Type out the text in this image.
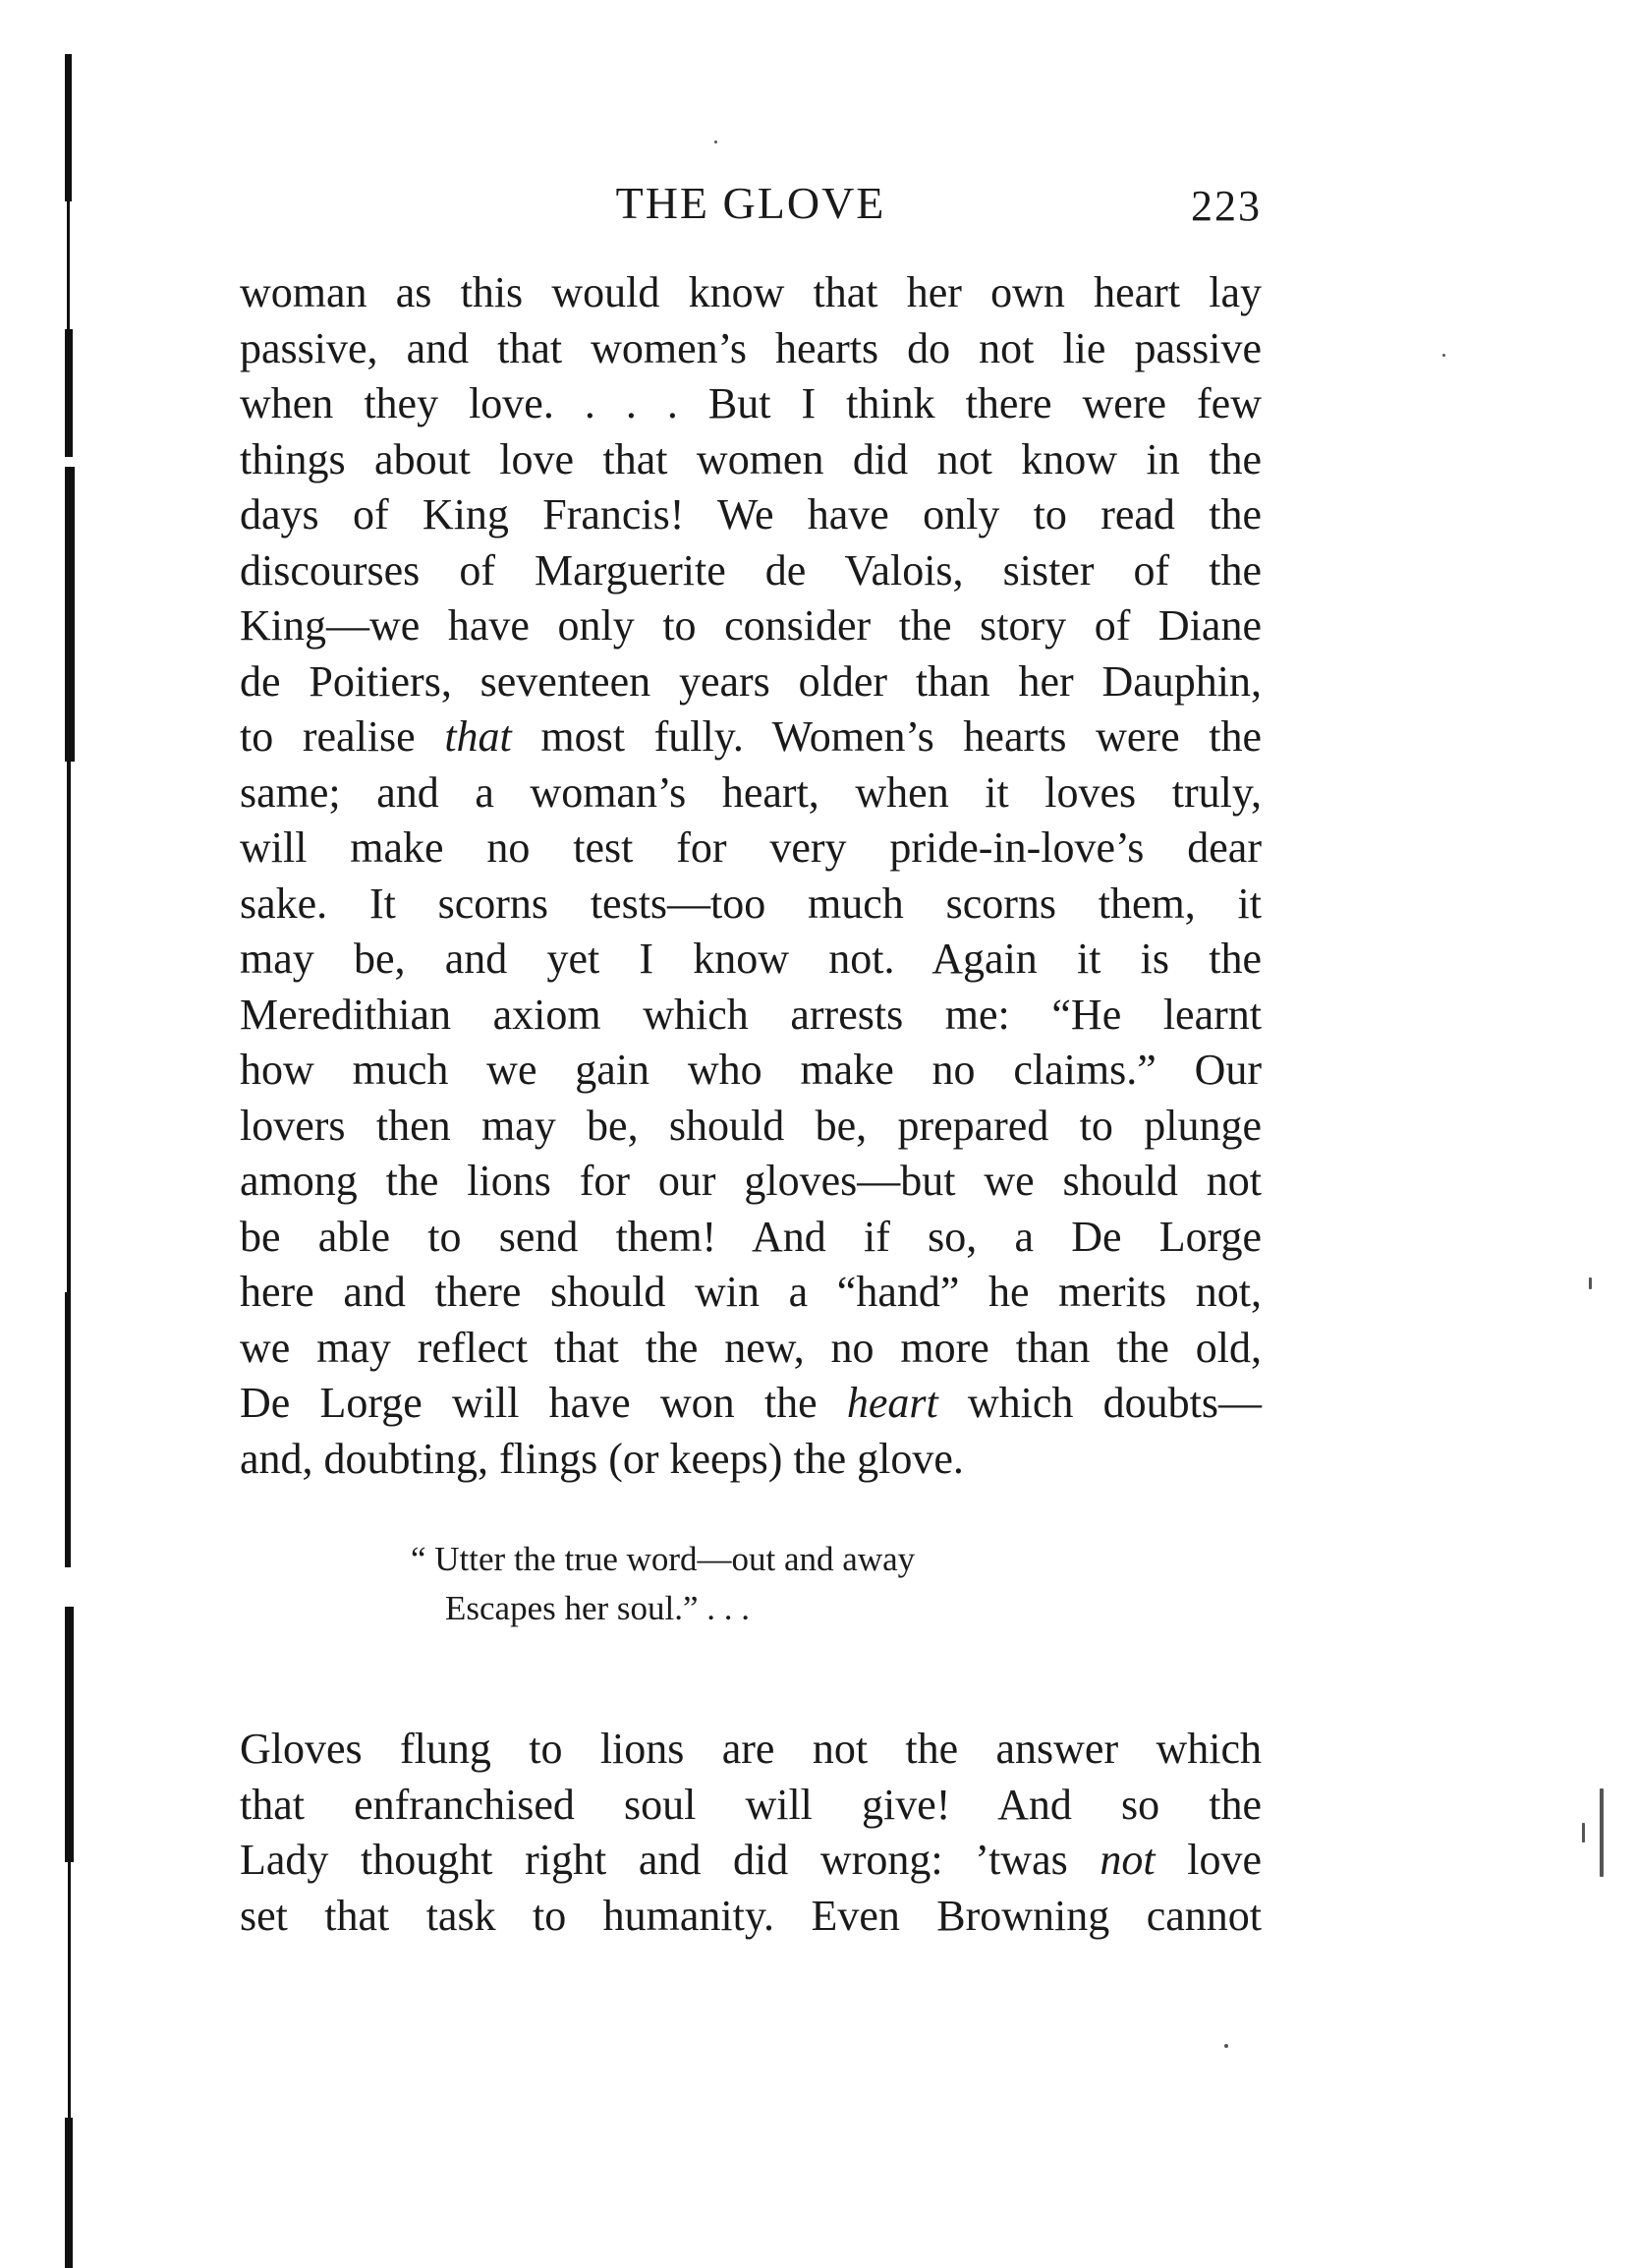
THE GLOVE	223
woman as this would know that her own heart lay
passive, and that women’s hearts do not lie passive
when they love. . . . But I think there were few
things about love that women did not know in the
days of King Francis! We have only to read the
discourses of Marguerite de Valois, sister of the
King—we have only to consider the story of Diane
de Poitiers, seventeen years older than her Dauphin,
to realise that most fully. Women’s hearts were the
same; and a woman’s heart, when it loves truly,
will make no test for very pride-in-love’s dear
sake. It scorns tests—too much scorns them, it
may be, and yet I know not. Again it is the
Meredithian axiom which arrests me: “He learnt
how much we gain who make no claims.” Our
lovers then may be, should be, prepared to plunge
among the lions for our gloves—but we should not
be able to send them! And if so, a De Lorge
here and there should win a “hand” he merits not,
we may reflect that the new, no more than the old,
De Lorge will have won the heart which doubts—
and, doubting, flings (or keeps) the glove.
“ Utter the true word—out and away
Escapes her soul.” . . .
Gloves flung to lions are not the answer which
that enfranchised soul will give! And so the
Lady thought right and did wrong: ’twas not love
set that task to humanity. Even Browning cannot
